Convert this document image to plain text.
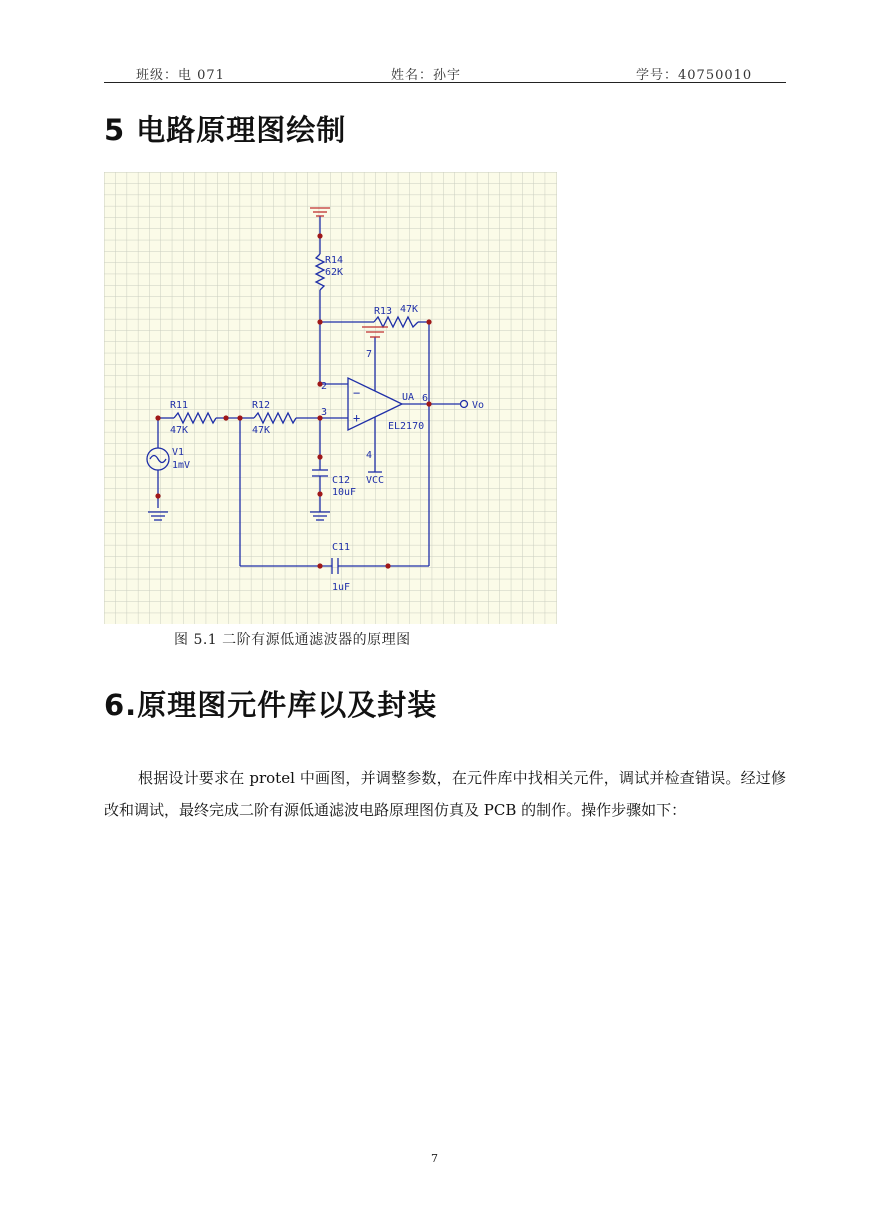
班级：电 071	姓名：孙宇	学号：40750010
5 电路原理图绘制
R14
62K
R13 47K
R11
47K
R12
47K
C12
10uF
C11
1uF
V1
1mV
UA
EL2170
VCC
Vo
2
3
4
6
7
−
+
图 5.1 二阶有源低通滤波器的原理图
6.原理图元件库以及封装
根据设计要求在 protel 中画图，并调整参数，在元件库中找相关元件，调试并检查错误。经过修改和调试，最终完成二阶有源低通滤波电路原理图仿真及 PCB 的制作。操作步骤如下：
7
